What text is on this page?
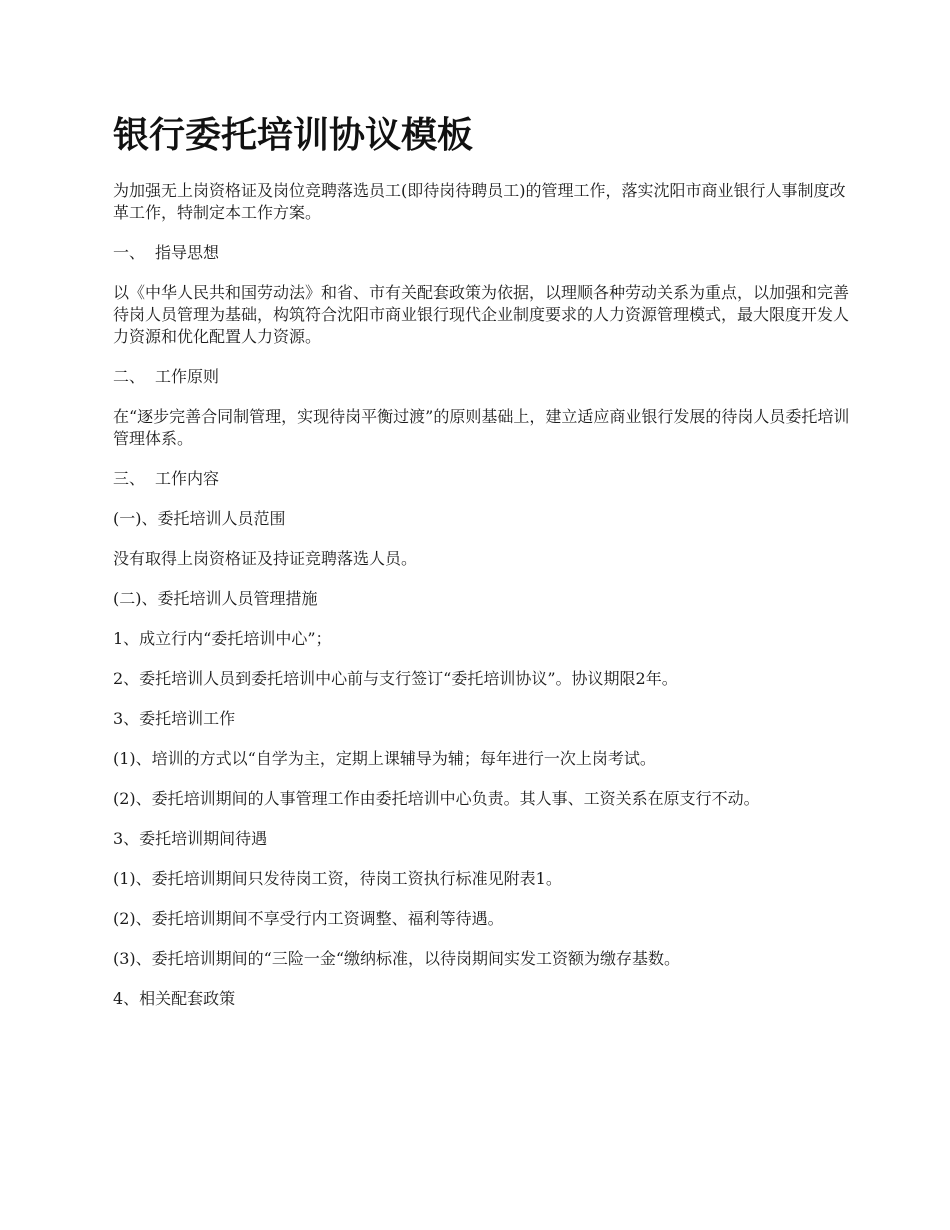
银行委托培训协议模板

为加强无上岗资格证及岗位竞聘落选员工(即待岗待聘员工)的管理工作，落实沈阳市商业银行人事制度改革工作，特制定本工作方案。

一、 指导思想

以《中华人民共和国劳动法》和省、市有关配套政策为依据，以理顺各种劳动关系为重点，以加强和完善待岗人员管理为基础，构筑符合沈阳市商业银行现代企业制度要求的人力资源管理模式，最大限度开发人力资源和优化配置人力资源。

二、 工作原则

在“逐步完善合同制管理，实现待岗平衡过渡”的原则基础上，建立适应商业银行发展的待岗人员委托培训管理体系。

三、 工作内容

(一)、委托培训人员范围

没有取得上岗资格证及持证竞聘落选人员。

(二)、委托培训人员管理措施

1、成立行内“委托培训中心”；

2、委托培训人员到委托培训中心前与支行签订“委托培训协议”。协议期限2年。

3、委托培训工作

(1)、培训的方式以“自学为主，定期上课辅导为辅；每年进行一次上岗考试。

(2)、委托培训期间的人事管理工作由委托培训中心负责。其人事、工资关系在原支行不动。

3、委托培训期间待遇

(1)、委托培训期间只发待岗工资，待岗工资执行标准见附表1。

(2)、委托培训期间不享受行内工资调整、福利等待遇。

(3)、委托培训期间的“三险一金“缴纳标准，以待岗期间实发工资额为缴存基数。

4、相关配套政策
